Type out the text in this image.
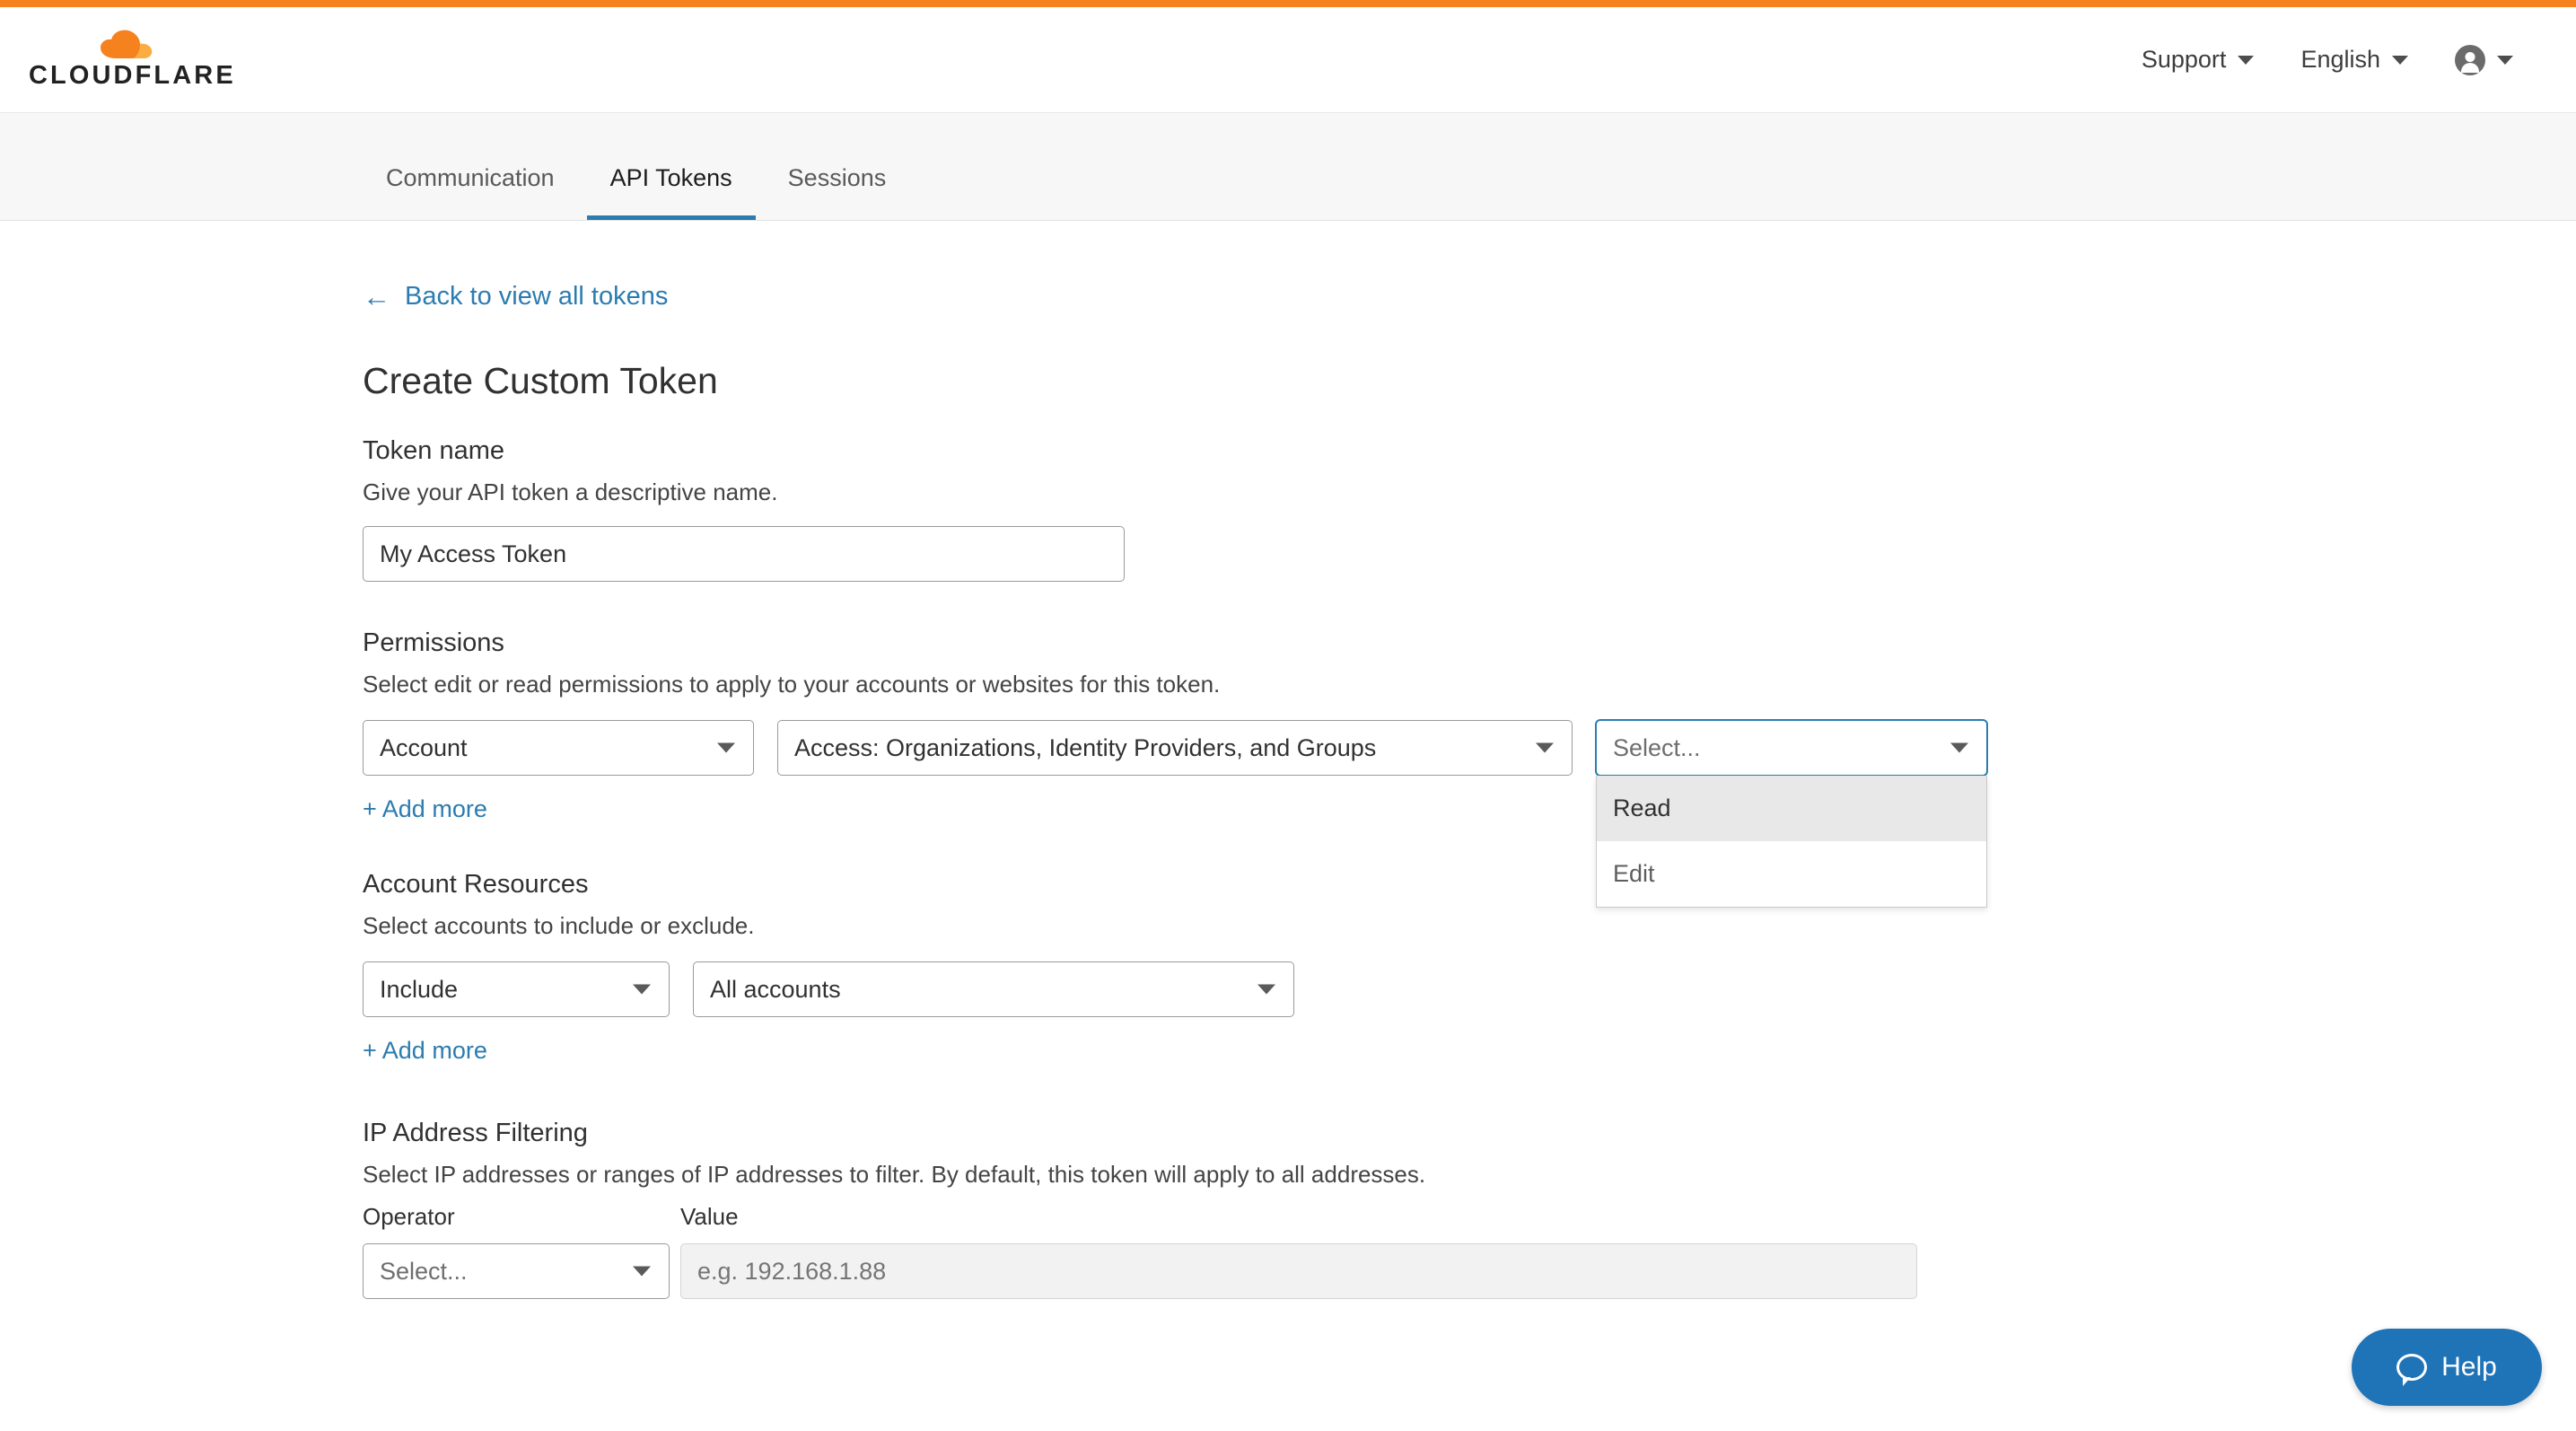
CLOUDFLARE
Support	English
Communication	API Tokens	Sessions
← Back to view all tokens
Create Custom Token
Token name
Give your API token a descriptive name.
My Access Token
Permissions
Select edit or read permissions to apply to your accounts or websites for this token.
Account	Access: Organizations, Identity Providers, and Groups	Select...
Read
Edit
+ Add more
Account Resources
Select accounts to include or exclude.
Include	All accounts
+ Add more
IP Address Filtering
Select IP addresses or ranges of IP addresses to filter. By default, this token will apply to all addresses.
Operator
Select...
Value
e.g. 192.168.1.88
Help
